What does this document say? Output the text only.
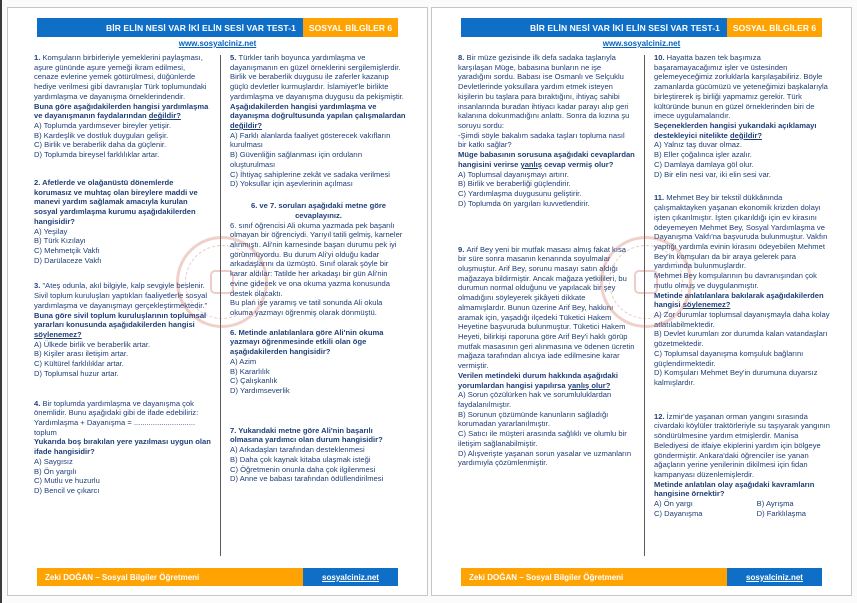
BİR ELİN NESİ VAR İKİ ELİN SESİ VAR TEST-1	SOSYAL BİLGİLER 6
www.sosyalciniz.net
1. Komşuların birbirleriyle yemeklerini paylaşması, aşure gününde aşure yemeği ikram edilmesi, cenaze evlerine yemek götürülmesi, düğünlerde hediye verilmesi gibi davranışlar Türk toplumundaki yardımlaşma ve dayanışma örneklerindendir.
Buna göre aşağıdakilerden hangisi yardımlaşma ve dayanışmanın faydalarından değildir?
A) Toplumda yardımsever bireyler yetişir.
B) Kardeşlik ve dostluk duyguları gelişir.
C) Birlik ve beraberlik daha da güçlenir.
D) Toplumda bireysel farklılıklar artar.
2. Afetlerde ve olağanüstü dönemlerde korumasız ve muhtaç olan bireylere maddi ve manevi yardım sağlamak amacıyla kurulan sosyal yardımlaşma kurumu aşağıdakilerden hangisidir?
A) Yeşilay
B) Türk Kızılayı
C) Mehmetçik Vakfı
D) Darülaceze Vakfı
3. "Ateş odunla, akıl bilgiyle, kalp sevgiyle beslenir. Sivil toplum kuruluşları yaptıkları faaliyetlerle sosyal yardımlaşma ve dayanışmayı gerçekleştirmektedir."
Buna göre sivil toplum kuruluşlarının toplumsal yararları konusunda aşağıdakilerden hangisi söylenemez?
A) Ülkede birlik ve beraberlik artar.
B) Kişiler arası iletişim artar.
C) Kültürel farklılıklar artar.
D) Toplumsal huzur artar.
4. Bir toplumda yardımlaşma ve dayanışma çok önemlidir. Bunu aşağıdaki gibi de ifade edebiliriz:
Yardımlaşma + Dayanışma = .............................
toplum
Yukarıda boş bırakılan yere yazılması uygun olan ifade hangisidir?
A) Saygısız
B) Ön yargılı
C) Mutlu ve huzurlu
D) Bencil ve çıkarcı
5. Türkler tarih boyunca yardımlaşma ve dayanışmanın en güzel örneklerini sergilemişlerdir. Birlik ve beraberlik duygusu ile zaferler kazanıp güçlü devletler kurmuşlardır. İslamiyet'le birlikte yardımlaşma ve dayanışma duygusu da pekişmiştir.
Aşağıdakilerden hangisi yardımlaşma ve dayanışma doğrultusunda yapılan çalışmalardan değildir?
A) Farklı alanlarda faaliyet gösterecek vakıfların kurulması
B) Güvenliğin sağlanması için orduların oluşturulması
C) İhtiyaç sahiplerine zekât ve sadaka verilmesi
D) Yoksullar için aşevlerinin açılması
6. ve 7. soruları aşağıdaki metne göre cevaplayınız.
6. sınıf öğrencisi Ali okuma yazmada pek başarılı olmayan bir öğrenciydi. Yarıyıl tatili gelmiş, karneler alınmıştı. Ali'nin karnesinde başarı durumu pek iyi görünmüyordu. Bu durum Ali'yi olduğu kadar arkadaşlarını da üzmüştü. Sınıf olarak şöyle bir karar aldılar: Tatilde her arkadaşı bir gün Ali'nin evine gidecek ve ona okuma yazma konusunda destek olacaktı.
Bu plan işe yaramış ve tatil sonunda Ali okula okuma yazmayı öğrenmiş olarak dönmüştü.
6. Metinde anlatılanlara göre Ali'nin okuma yazmayı öğrenmesinde etkili olan öge aşağıdakilerden hangisidir?
A) Azim
B) Kararlılık
C) Çalışkanlık
D) Yardımseverlik
7. Yukarıdaki metne göre Ali'nin başarılı olmasına yardımcı olan durum hangisidir?
A) Arkadaşları tarafından desteklenmesi
B) Daha çok kaynak kitaba ulaşmak isteği
C) Öğretmenin onunla daha çok ilgilenmesi
D) Anne ve babası tarafından ödüllendirilmesi
Zeki DOĞAN – Sosyal Bilgiler Öğretmeni	sosyalciniz.net
BİR ELİN NESİ VAR İKİ ELİN SESİ VAR TEST-1	SOSYAL BİLGİLER 6
www.sosyalciniz.net
8. Bir müze gezisinde ilk defa sadaka taşlarıyla karşılaşan Müge, babasına bunların ne işe yaradığını sordu. Babası ise Osmanlı ve Selçuklu Devletlerinde yoksullara yardım etmek isteyen kişilerin bu taşlara para bıraktığını, ihtiyaç sahibi insanlarında buradan ihtiyacı kadar parayı alıp geri kalanına dokunmadığını anlattı. Sonra da kızına şu soruyu sordu:
-Şimdi söyle bakalım sadaka taşları topluma nasıl bir katkı sağlar?
Müge babasının sorusuna aşağıdaki cevaplardan hangisini verirse yanlış cevap vermiş olur?
A) Toplumsal dayanışmayı artırır.
B) Birlik ve beraberliği güçlendirir.
C) Yardımlaşma duygusunu geliştirir.
D) Toplumda ön yargıları kuvvetlendirir.
9. Arif Bey yeni bir mutfak masası almış fakat kısa bir süre sonra masanın kenarında soyulmalar oluşmuştur. Arif Bey, sorunu masayı satın aldığı mağazaya bildirmiştir. Ancak mağaza yetkilileri, bu durumun normal olduğunu ve yapılacak bir şey olmadığını söyleyerek şikâyeti dikkate almamışlardır. Bunun üzerine Arif Bey, hakkını aramak için, yaşadığı ilçedeki Tüketici Hakem Heyetine başvuruda bulunmuştur. Tüketici Hakem Heyeti, bilirkişi raporuna göre Arif Bey'i haklı görüp mutfak masasının geri alınmasına ve ödenen ücretin mağaza tarafından alıcıya iade edilmesine karar vermiştir.
Verilen metindeki durum hakkında aşağıdaki yorumlardan hangisi yapılırsa yanlış olur?
A) Sorun çözülürken hak ve sorumluluklardan faydalanılmıştır.
B) Sorunun çözümünde kanunların sağladığı korumadan yararlanılmıştır.
C) Satıcı ile müşteri arasında sağlıklı ve olumlu bir iletişim sağlanabilmiştir.
D) Alışverişte yaşanan sorun yasalar ve uzmanların yardımıyla çözümlenmiştir.
10. Hayatta bazen tek başımıza başaramayacağımız işler ve üstesinden gelemeyeceğimiz zorluklarla karşılaşabiliriz. Böyle zamanlarda gücümüzü ve yeteneğimizi başkalarıyla birleştirerek iş birliği yapmamız gerekir. Türk kültüründe bunun en güzel örneklerinden biri de imece uygulamalarıdır.
Seçeneklerden hangisi yukarıdaki açıklamayı destekleyici nitelikte değildir?
A) Yalnız taş duvar olmaz.
B) Eller çoğalınca işler azalır.
C) Damlaya damlaya göl olur.
D) Bir elin nesi var, iki elin sesi var.
11. Mehmet Bey bir tekstil dükkânında çalışmaktayken yaşanan ekonomik krizden dolayı işten çıkarılmıştır. İşten çıkarıldığı için ev kirasını ödeyemeyen Mehmet Bey, Sosyal Yardımlaşma ve Dayanışma Vakfı'na başvuruda bulunmuştur. Vakfın yaptığı yardımla evinin kirasını ödeyebilen Mehmet Bey'in komşuları da bir araya gelerek para yardımında bulunmuşlardır.
Mehmet Bey komşularının bu davranışından çok mutlu olmuş ve duygulanmıştır.
Metinde anlatılanlara bakılarak aşağıdakilerden hangisi söylenemez?
A) Zor durumlar toplumsal dayanışmayla daha kolay atlatılabilmektedir.
B) Devlet kurumları zor durumda kalan vatandaşları gözetmektedir.
C) Toplumsal dayanışma komşuluk bağlarını güçlendirmektedir.
D) Komşuları Mehmet Bey'in durumuna duyarsız kalmışlardır.
12. İzmir'de yaşanan orman yangını sırasında civardaki köylüler traktörleriyle su taşıyarak yangının söndürülmesine yardım etmişlerdir. Manisa Belediyesi de itfaiye ekiplerini yardım için bölgeye göndermiştir. Ankara'daki öğrenciler ise yanan ağaçların yerine yenilerinin dikilmesi için fidan kampanyası düzenlemişlerdir.
Metinde anlatılan olay aşağıdaki kavramların hangisine örnektir?
A) Ön yargı	B) Ayrışma
C) Dayanışma	D) Farklılaşma
Zeki DOĞAN – Sosyal Bilgiler Öğretmeni	sosyalciniz.net
